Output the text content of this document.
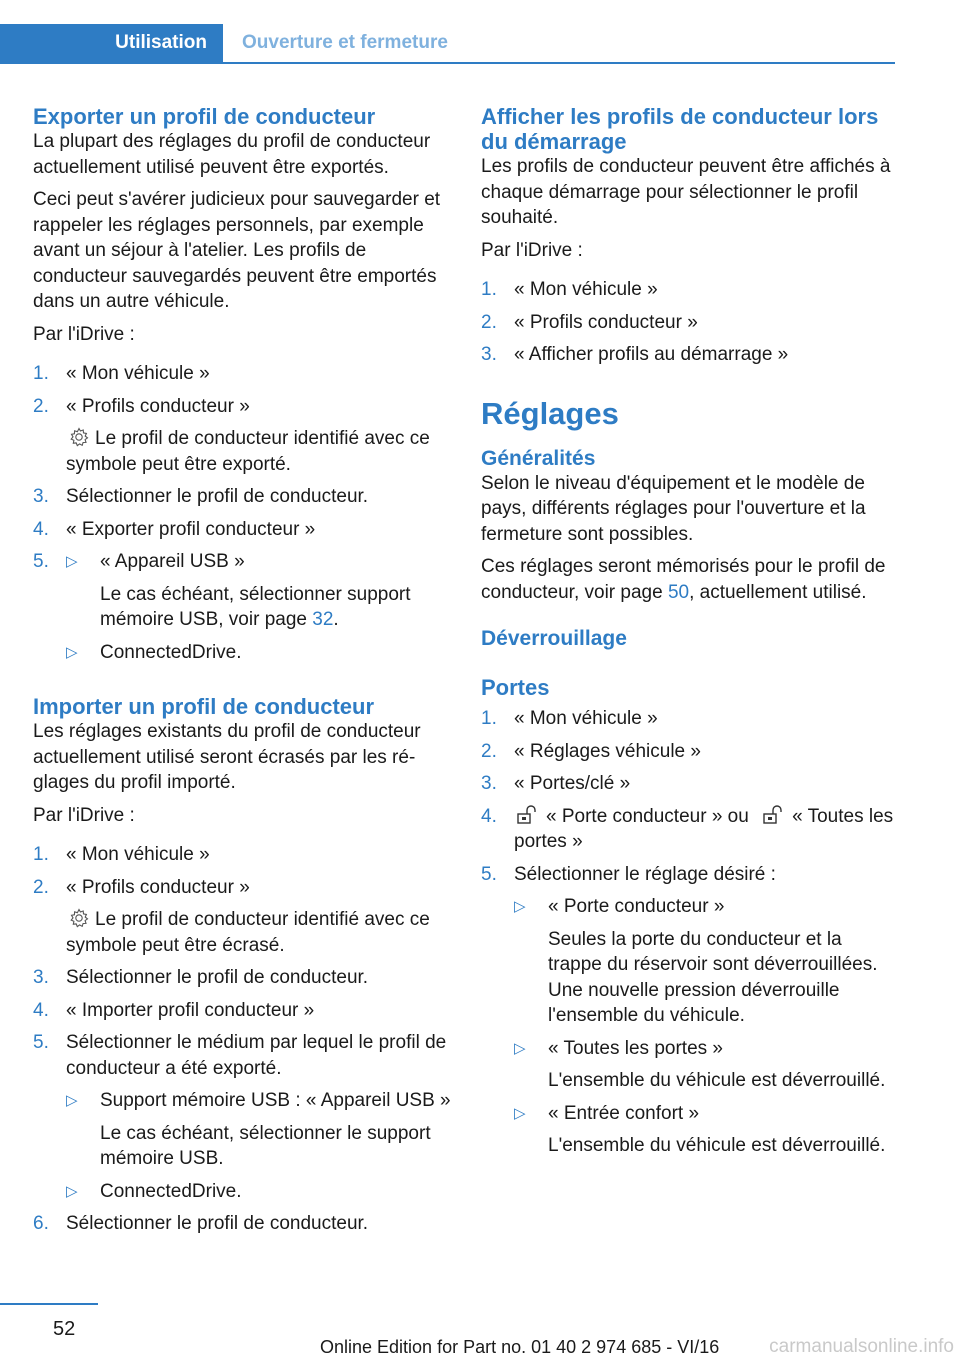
Utilisation Ouverture et fermeture
Exporter un profil de conducteur

La plupart des réglages du profil de conducteur actuellement utilisé peuvent être exportés.

Ceci peut s'avérer judicieux pour sauvegarder et rappeler les réglages personnels, par exemple avant un séjour à l'atelier. Les profils de conducteur sauvegardés peuvent être emportés dans un autre véhicule.

Par l'iDrive :

1. « Mon véhicule »
2. « Profils conducteur »
Le profil de conducteur identifié avec ce symbole peut être exporté.
3. Sélectionner le profil de conducteur.
4. « Exporter profil conducteur »
5.	▷	« Appareil USB »
Le cas échéant, sélectionner support mémoire USB, voir page 32.
▷	ConnectedDrive.
Importer un profil de conducteur

Les réglages existants du profil de conducteur actuellement utilisé seront écrasés par les réglages du profil importé.

Par l'iDrive :

1. « Mon véhicule »
2. « Profils conducteur »
Le profil de conducteur identifié avec ce symbole peut être écrasé.
3. Sélectionner le profil de conducteur.
4. « Importer profil conducteur »
5. Sélectionner le médium par lequel le profil de conducteur a été exporté.
▷	Support mémoire USB : « Appareil USB »
Le cas échéant, sélectionner le support mémoire USB.
▷	ConnectedDrive.
6. Sélectionner le profil de conducteur.
Afficher les profils de conducteur lors du démarrage

Les profils de conducteur peuvent être affichés à chaque démarrage pour sélectionner le profil souhaité.

Par l'iDrive :

1. « Mon véhicule »
2. « Profils conducteur »
3. « Afficher profils au démarrage »
Réglages
Généralités

Selon le niveau d'équipement et le modèle de pays, différents réglages pour l'ouverture et la fermeture sont possibles.

Ces réglages seront mémorisés pour le profil de conducteur, voir page 50, actuellement utilisé.

Déverrouillage
Portes
1. « Mon véhicule »
2. « Réglages véhicule »
3. « Portes/clé »
4.	« Porte conducteur » ou « Toutes les portes »
5. Sélectionner le réglage désiré :
▷	« Porte conducteur »
Seules la porte du conducteur et la trappe du réservoir sont déverrouillées. Une nouvelle pression déverrouille l'ensemble du véhicule.
▷	« Toutes les portes »
L'ensemble du véhicule est déverrouillé.
▷	« Entrée confort »
L'ensemble du véhicule est déverrouillé.
52
Online Edition for Part no. 01 40 2 974 685 - VI/16	carmanualsonline.info
